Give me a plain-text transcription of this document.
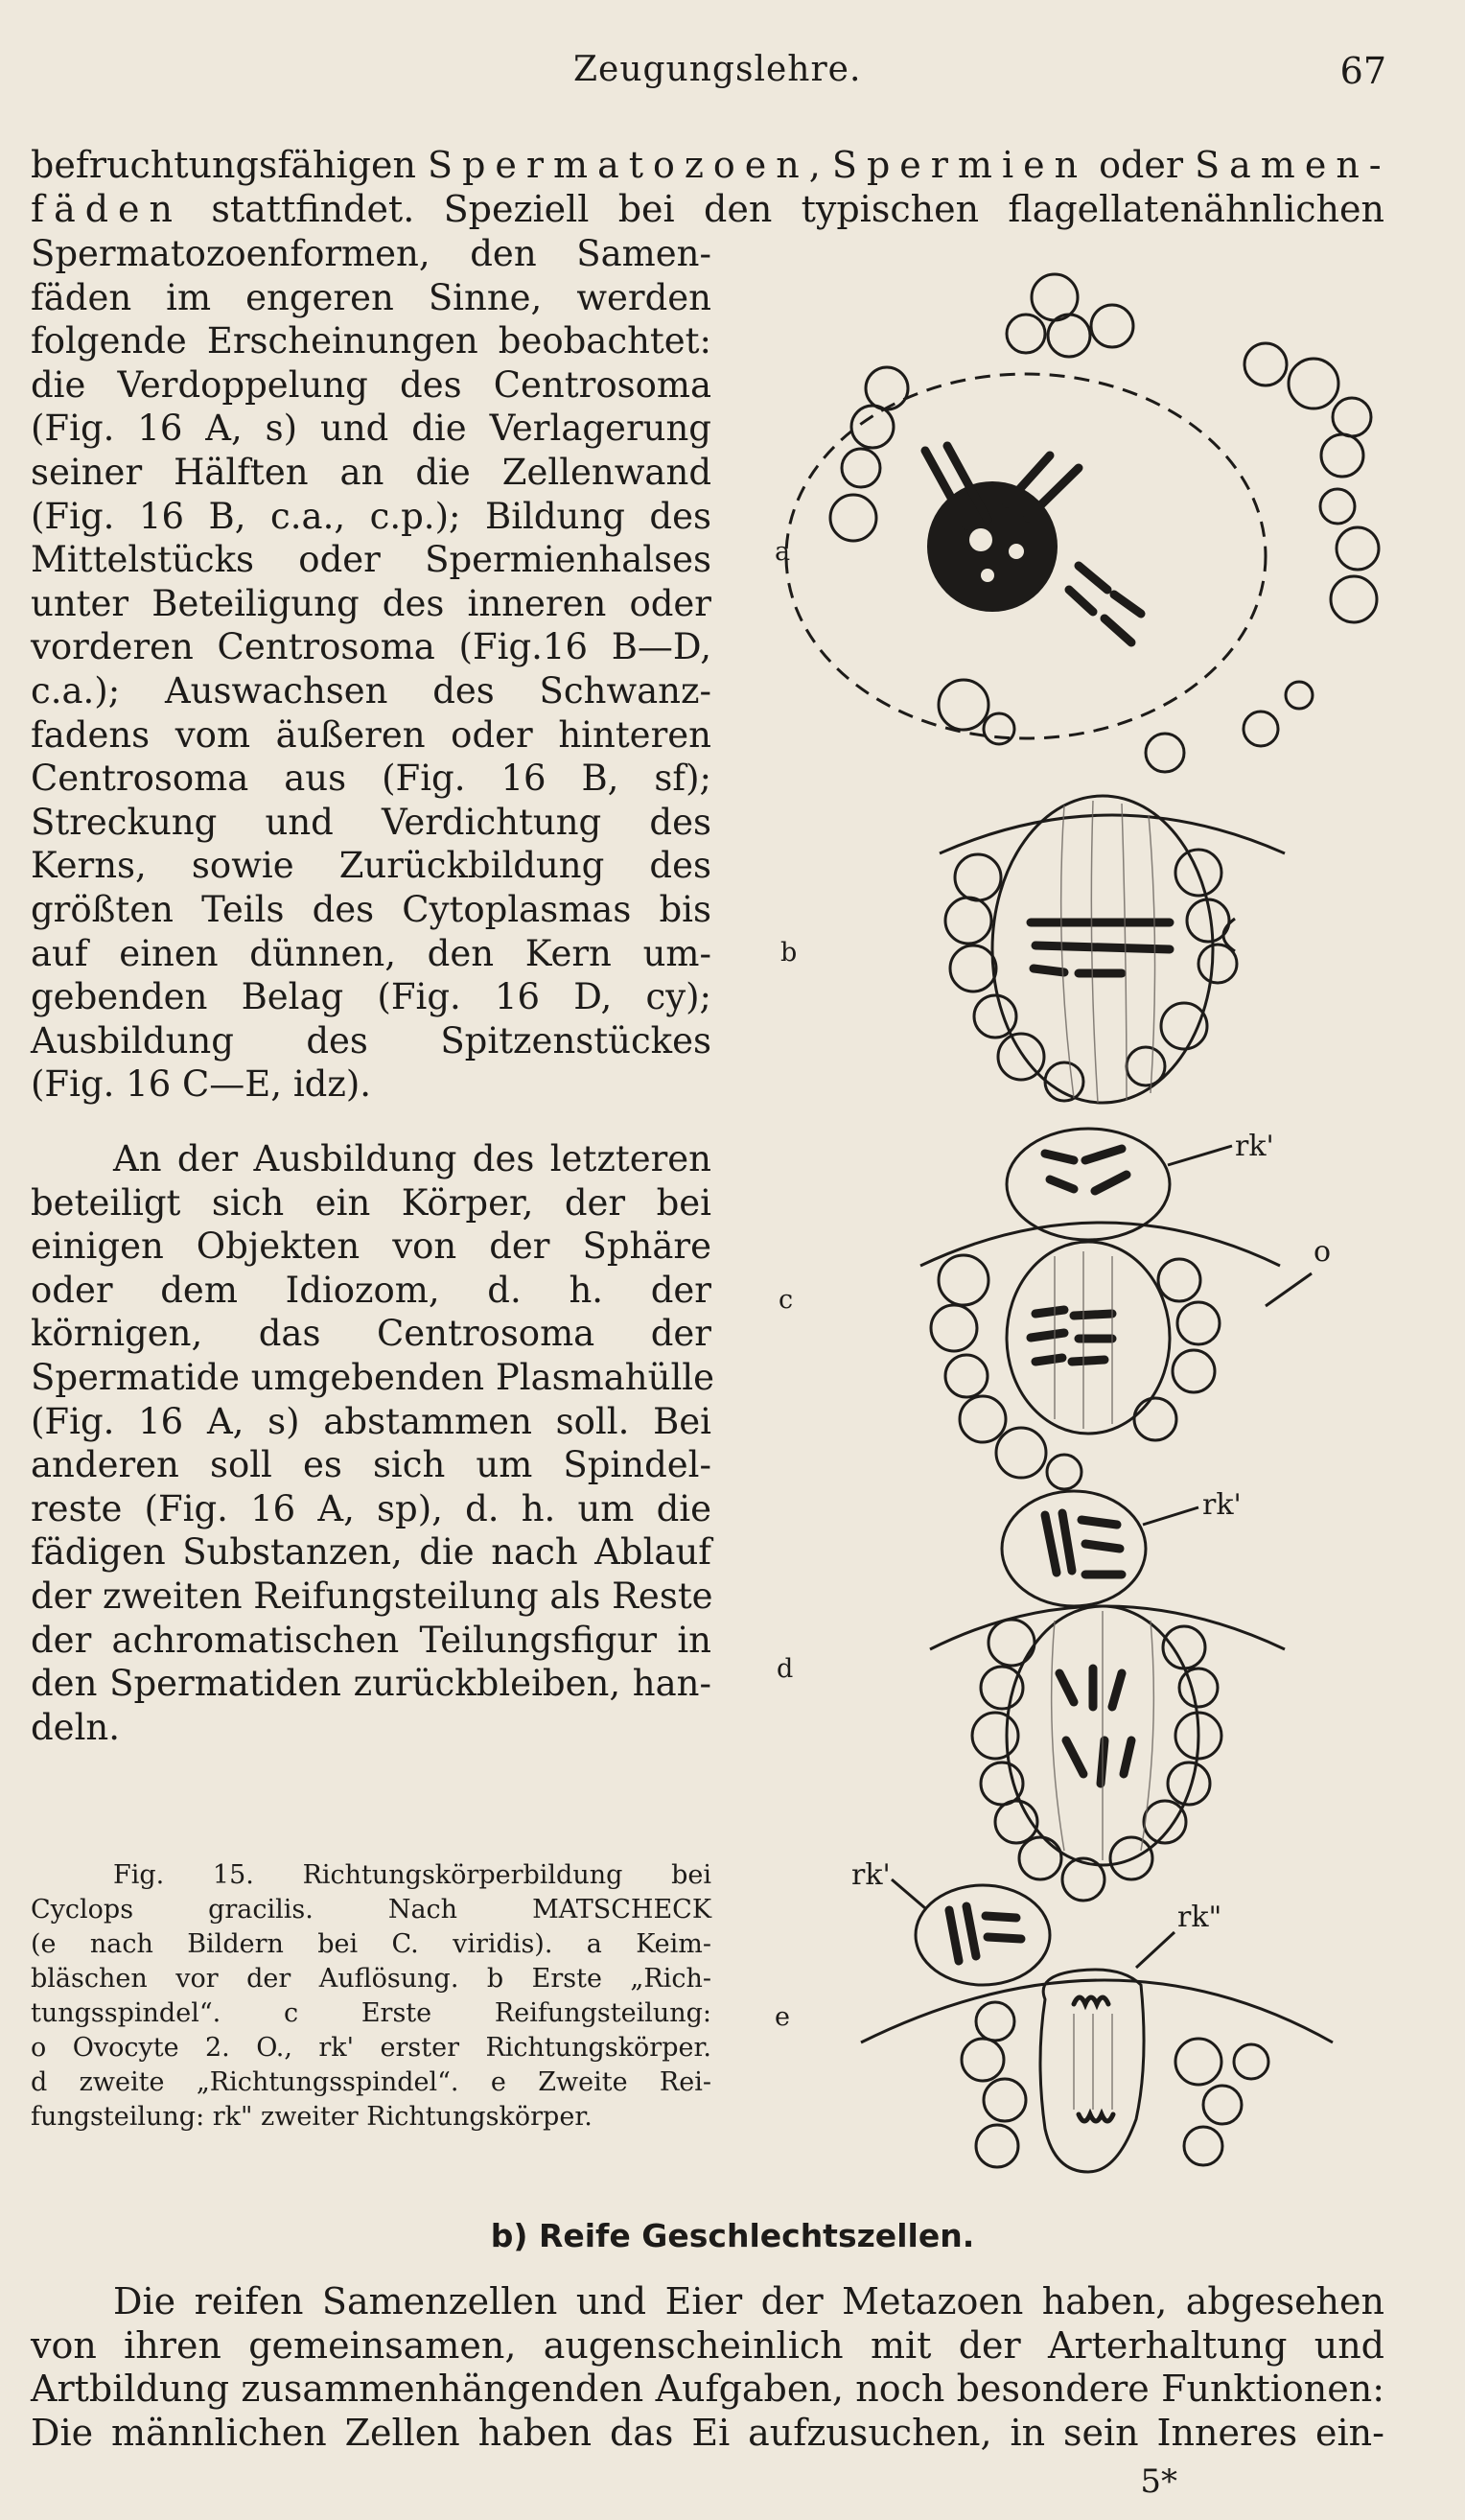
Zeugungslehre.	67
befruchtungsfähigen Spermatozoen, Spermien oder Samen-
fäden stattfindet. Speziell bei den typischen flagellatenähnlichen
Spermatozoenformen, den Samen-
fäden im engeren Sinne, werden
folgende Erscheinungen beobachtet:
die Verdoppelung des Centrosoma
(Fig. 16 A, s) und die Verlagerung
seiner Hälften an die Zellenwand
(Fig. 16 B, c.a., c.p.); Bildung des
Mittelstücks oder Spermienhalses
unter Beteiligung des inneren oder
vorderen Centrosoma (Fig.16 B—D,
c.a.); Auswachsen des Schwanz-
fadens vom äußeren oder hinteren
Centrosoma aus (Fig. 16 B, sf);
Streckung und Verdichtung des
Kerns, sowie Zurückbildung des
größten Teils des Cytoplasmas bis
auf einen dünnen, den Kern um-
gebenden Belag (Fig. 16 D, cy);
Ausbildung des Spitzenstückes
(Fig. 16 C—E, idz).
An der Ausbildung des letzteren
beteiligt sich ein Körper, der bei
einigen Objekten von der Sphäre
oder dem Idiozom, d. h. der
körnigen, das Centrosoma der
Spermatide umgebenden Plasmahülle
(Fig. 16 A, s) abstammen soll. Bei
anderen soll es sich um Spindel-
reste (Fig. 16 A, sp), d. h. um die
fädigen Substanzen, die nach Ablauf
der zweiten Reifungsteilung als Reste
der achromatischen Teilungsfigur in
den Spermatiden zurückbleiben, han-
deln.
Fig. 15. Richtungskörperbildung bei
Cyclops gracilis. Nach MATSCHECK
(e nach Bildern bei C. viridis). a Keim-
bläschen vor der Auflösung. b Erste „Rich-
tungsspindel“. c Erste Reifungsteilung:
o Ovocyte 2. O., rk' erster Richtungskörper.
d zweite „Richtungsspindel“. e Zweite Rei-
fungsteilung: rk" zweiter Richtungskörper.
a
b
c
d
e
rk'
o
rk'
rk'
rk"
b) Reife Geschlechtszellen.
Die reifen Samenzellen und Eier der Metazoen haben, abgesehen
von ihren gemeinsamen, augenscheinlich mit der Arterhaltung und
Artbildung zusammenhängenden Aufgaben, noch besondere Funktionen:
Die männlichen Zellen haben das Ei aufzusuchen, in sein Inneres ein-
5*
